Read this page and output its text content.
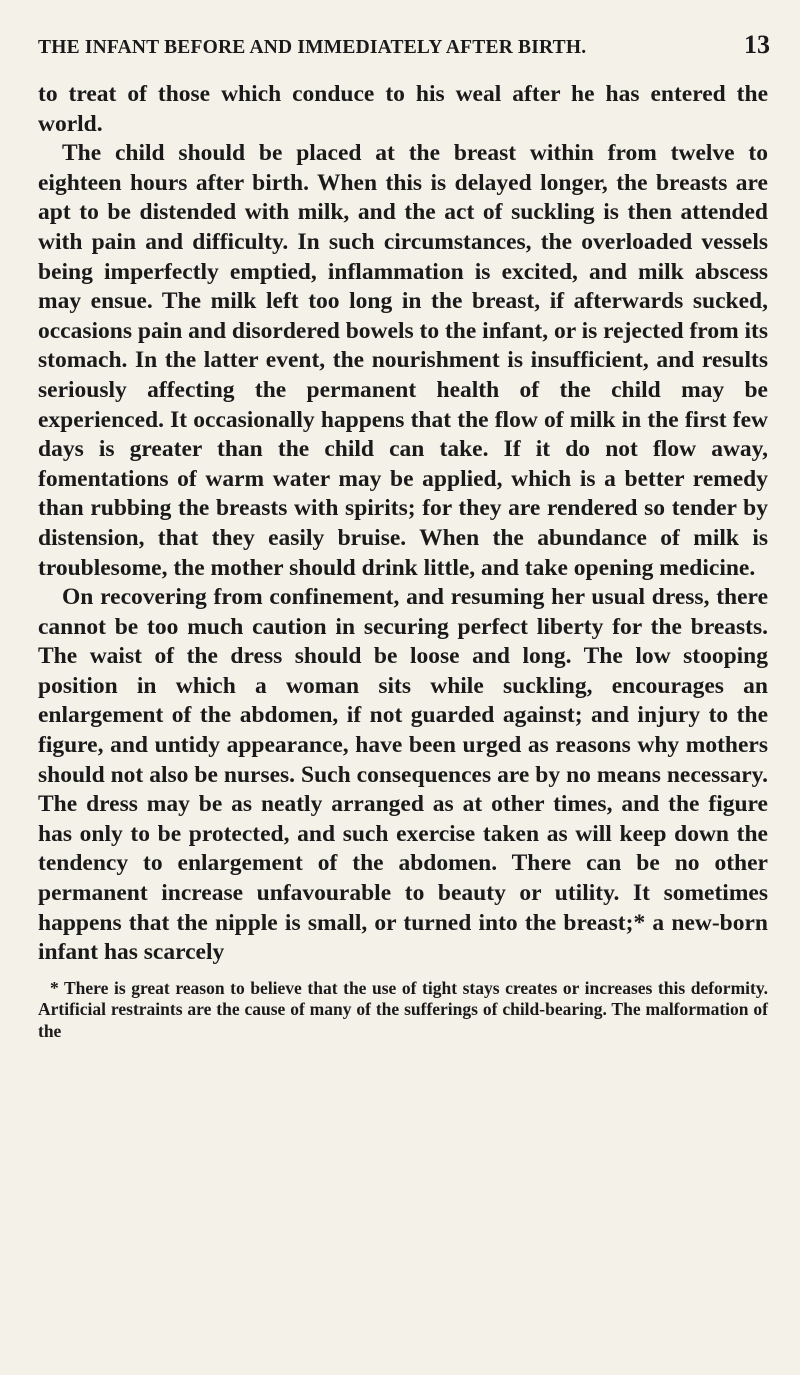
THE INFANT BEFORE AND IMMEDIATELY AFTER BIRTH.	13

to treat of those which conduce to his weal after he has entered the world.

The child should be placed at the breast within from twelve to eighteen hours after birth. When this is delayed longer, the breasts are apt to be distended with milk, and the act of suckling is then attended with pain and difficulty. In such circumstances, the overloaded vessels being imperfectly emptied, inflammation is excited, and milk abscess may ensue. The milk left too long in the breast, if afterwards sucked, occasions pain and disordered bowels to the infant, or is rejected from its stomach. In the latter event, the nourishment is insufficient, and results seriously affecting the permanent health of the child may be experienced. It occasionally happens that the flow of milk in the first few days is greater than the child can take. If it do not flow away, fomentations of warm water may be applied, which is a better remedy than rubbing the breasts with spirits; for they are rendered so tender by distension, that they easily bruise. When the abundance of milk is troublesome, the mother should drink little, and take opening medicine.

On recovering from confinement, and resuming her usual dress, there cannot be too much caution in securing perfect liberty for the breasts. The waist of the dress should be loose and long. The low stooping position in which a woman sits while suckling, encourages an enlargement of the abdomen, if not guarded against; and injury to the figure, and untidy appearance, have been urged as reasons why mothers should not also be nurses. Such consequences are by no means necessary. The dress may be as neatly arranged as at other times, and the figure has only to be protected, and such exercise taken as will keep down the tendency to enlargement of the abdomen. There can be no other permanent increase unfavourable to beauty or utility. It sometimes happens that the nipple is small, or turned into the breast;* a new-born infant has scarcely

* There is great reason to believe that the use of tight stays creates or increases this deformity. Artificial restraints are the cause of many of the sufferings of child-bearing. The malformation of the
